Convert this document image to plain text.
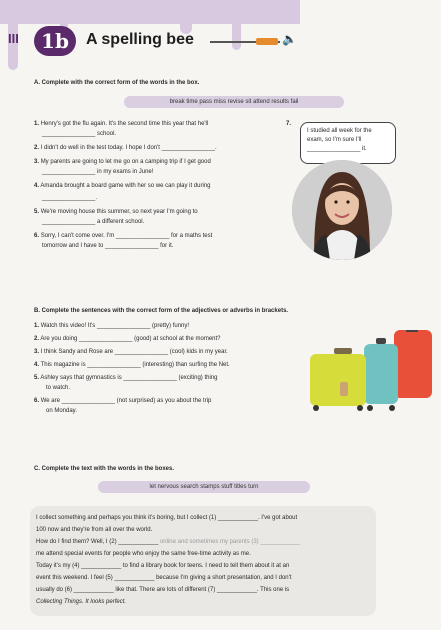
III	1b	A spelling bee	🔈
A. Complete with the correct form of the words in the box.
break time pass miss revise sit attend results fail
1. Henry's got the flu again. It's the second time this year that he'll
________________ school.
2. I didn't do well in the test today. I hope I don't ________________.
3. My parents are going to let me go on a camping trip if I get good
________________ in my exams in June!
4. Amanda brought a board game with her so we can play it during
________________.
5. We're moving house this summer, so next year I'm going to
________________ a different school.
6. Sorry, I can't come over. I'm ________________ for a maths test
tomorrow and I have to ________________ for it.
7.
I studied all week for the
exam, so I'm sure I'll
________________ it.
B. Complete the sentences with the correct form of the adjectives or adverbs in brackets.
1. Watch this video! It's ________________ (pretty) funny!
2. Are you doing ________________ (good) at school at the moment?
3. I think Sandy and Rose are ________________ (cool) kids in my year.
4. This magazine is ________________ (interesting) than surfing the Net.
5. Ashley says that gymnastics is ________________ (exciting) thing
to watch.
6. We are ________________ (not surprised) as you about the trip
on Monday.
C. Complete the text with the words in the boxes.
let nervous search stamps stuff titles turn
I collect something and perhaps you think it's boring, but I collect (1) ____________. I've got about
100 now and they're from all over the world.
How do I find them? Well, I (2) ____________ online and sometimes my parents (3) ____________
me attend special events for people who enjoy the same free-time activity as me.
Today it's my (4) ____________ to find a library book for teens. I need to tell them about it at an
event this weekend. I feel (5) ____________ because I'm giving a short presentation, and I don't
usually do (6) ____________ like that. There are lots of different (7) ____________. This one is
Collecting Things. It looks perfect.
